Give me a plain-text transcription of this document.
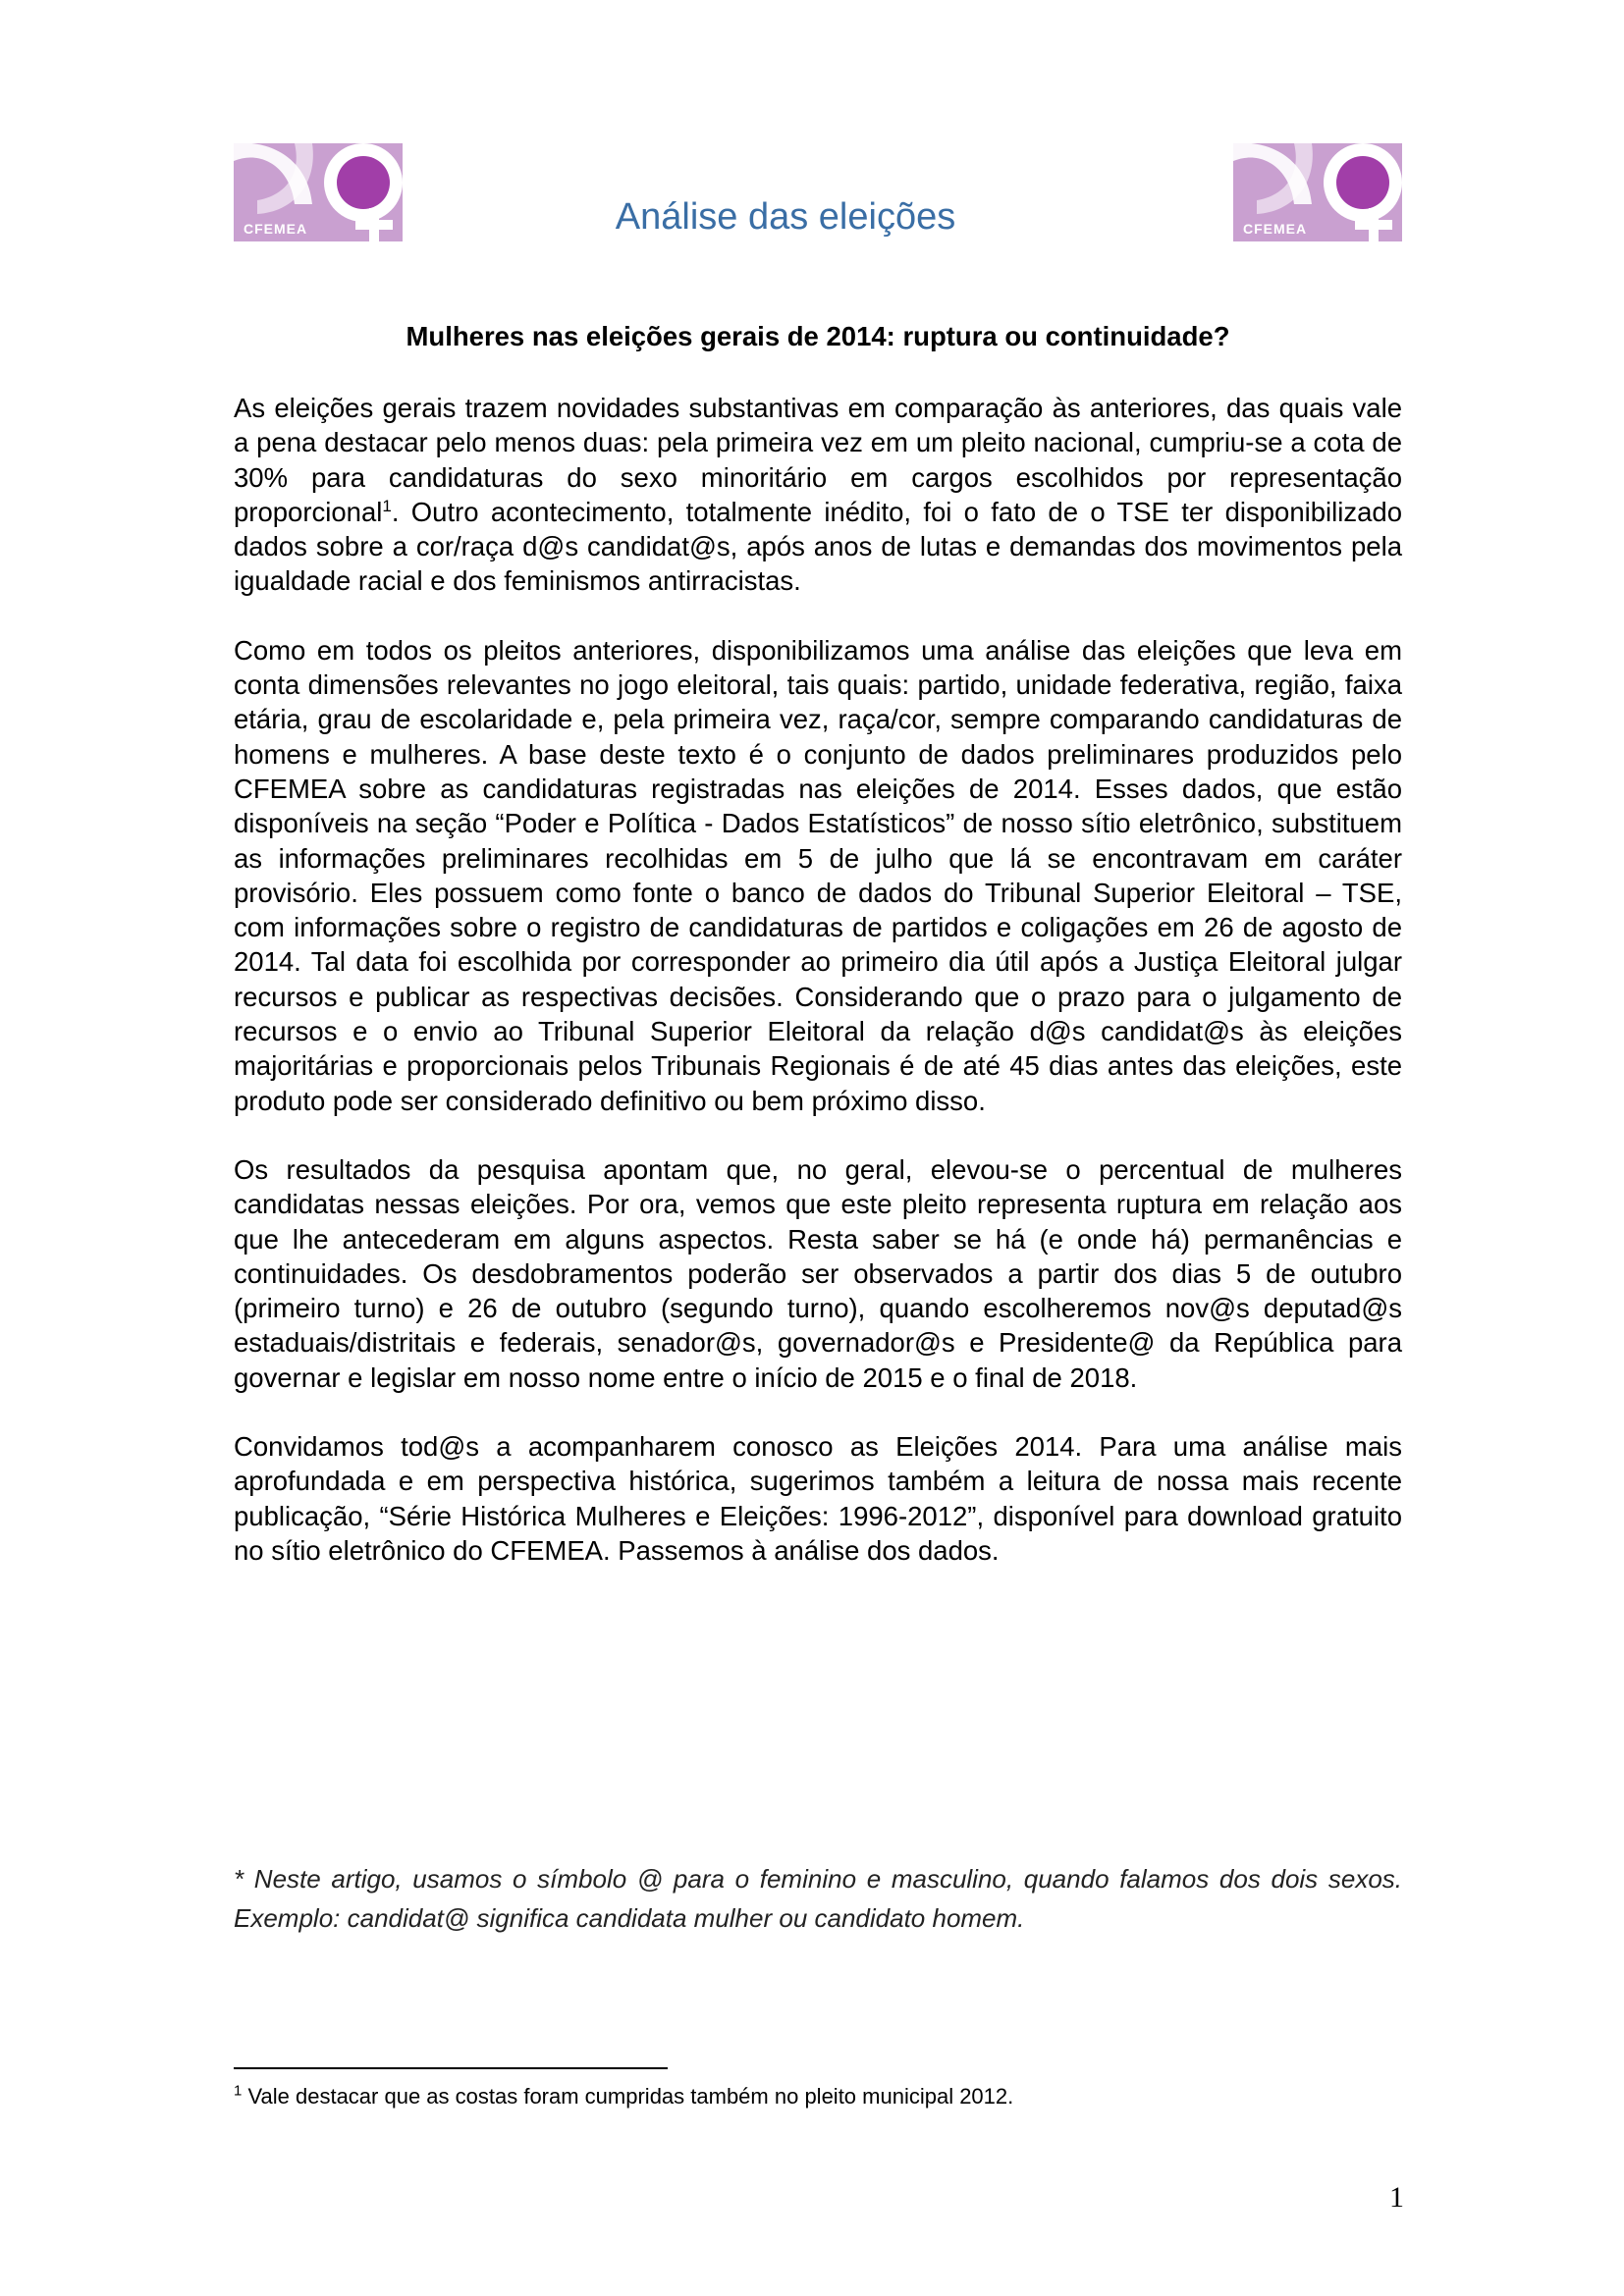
CFEMEA	Análise das eleições	CFEMEA
Mulheres nas eleições gerais de 2014: ruptura ou continuidade?

As eleições gerais trazem novidades substantivas em comparação às anteriores, das quais vale a pena destacar pelo menos duas: pela primeira vez em um pleito nacional, cumpriu-se a cota de 30% para candidaturas do sexo minoritário em cargos escolhidos por representação proporcional$^1$. Outro acontecimento, totalmente inédito, foi o fato de o TSE ter disponibilizado dados sobre a cor/raça d@s candidat@s, após anos de lutas e demandas dos movimentos pela igualdade racial e dos feminismos antirracistas.

Como em todos os pleitos anteriores, disponibilizamos uma análise das eleições que leva em conta dimensões relevantes no jogo eleitoral, tais quais: partido, unidade federativa, região, faixa etária, grau de escolaridade e, pela primeira vez, raça/cor, sempre comparando candidaturas de homens e mulheres. A base deste texto é o conjunto de dados preliminares produzidos pelo CFEMEA sobre as candidaturas registradas nas eleições de 2014. Esses dados, que estão disponíveis na seção “Poder e Política - Dados Estatísticos” de nosso sítio eletrônico, substituem as informações preliminares recolhidas em 5 de julho que lá se encontravam em caráter provisório. Eles possuem como fonte o banco de dados do Tribunal Superior Eleitoral – TSE, com informações sobre o registro de candidaturas de partidos e coligações em 26 de agosto de 2014. Tal data foi escolhida por corresponder ao primeiro dia útil após a Justiça Eleitoral julgar recursos e publicar as respectivas decisões. Considerando que o prazo para o julgamento de recursos e o envio ao Tribunal Superior Eleitoral da relação d@s candidat@s às eleições majoritárias e proporcionais pelos Tribunais Regionais é de até 45 dias antes das eleições, este produto pode ser considerado definitivo ou bem próximo disso.

Os resultados da pesquisa apontam que, no geral, elevou-se o percentual de mulheres candidatas nessas eleições. Por ora, vemos que este pleito representa ruptura em relação aos que lhe antecederam em alguns aspectos. Resta saber se há (e onde há) permanências e continuidades. Os desdobramentos poderão ser observados a partir dos dias 5 de outubro (primeiro turno) e 26 de outubro (segundo turno), quando escolheremos nov@s deputad@s estaduais/distritais e federais, senador@s, governador@s e Presidente@ da República para governar e legislar em nosso nome entre o início de 2015 e o final de 2018.

Convidamos tod@s a acompanharem conosco as Eleições 2014. Para uma análise mais aprofundada e em perspectiva histórica, sugerimos também a leitura de nossa mais recente publicação, “Série Histórica Mulheres e Eleições: 1996-2012”, disponível para download gratuito no sítio eletrônico do CFEMEA. Passemos à análise dos dados.

* Neste artigo, usamos o símbolo @ para o feminino e masculino, quando falamos dos dois sexos. Exemplo: candidat@ significa candidata mulher ou candidato homem.
$^1$ Vale destacar que as costas foram cumpridas também no pleito municipal 2012.
1
